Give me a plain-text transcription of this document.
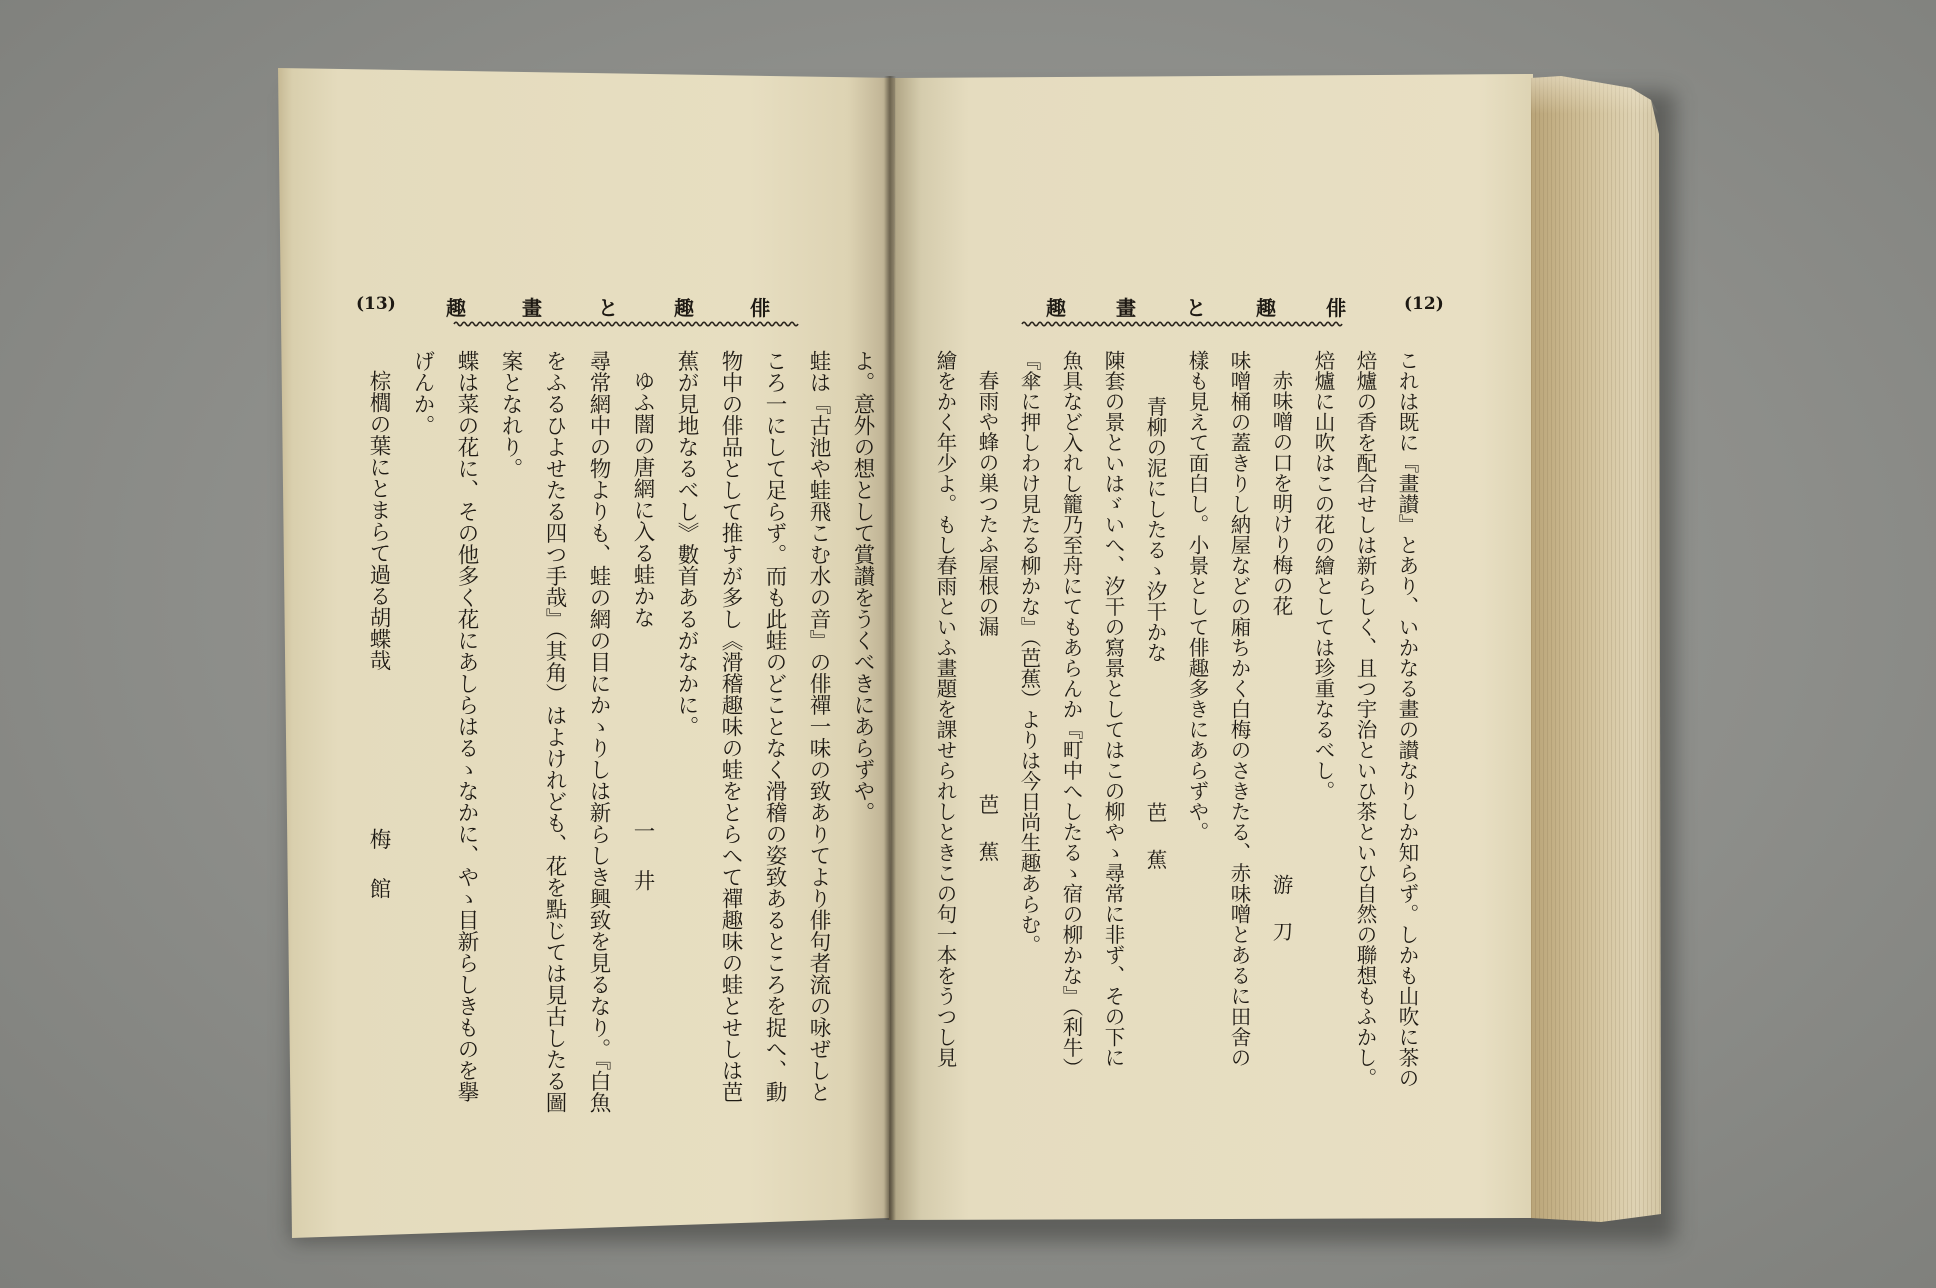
(12)
俳趣と畫趣
これは既に『畫讃』とあり、いかなる畫の讃なりしか知らず。しかも山吹に茶の
焙爐の香を配合せしは新らしく、且つ宇治といひ茶といひ自然の聯想もふかし。
焙爐に山吹はこの花の繪としては珍重なるべし。
赤味噌の口を明けり梅の花
游刀
味噌桶の蓋きりし納屋などの廂ちかく白梅のさきたる、赤味噌とあるに田舍の
樣も見えて面白し。小景として俳趣多きにあらずや。
青柳の泥にしたるゝ汐干かな
芭蕉
陳套の景といはゞいへ、汐干の寫景としてはこの柳やゝ尋常に非ず、その下に
魚具など入れし籠乃至舟にてもあらんか『町中へしたるゝ宿の柳かな』（利牛）
『傘に押しわけ見たる柳かな』（芭蕉）よりは今日尚生趣あらむ。
春雨や蜂の巣つたふ屋根の漏
芭蕉
繪をかく年少よ。もし春雨といふ畫題を課せられしときこの句一本をうつし見
(13)	俳趣と畫趣
よ。意外の想として賞讃をうくべきにあらずや。
蛙は『古池や蛙飛こむ水の音』の俳禪一味の致ありてより俳句者流の咏ぜしと
ころ一にして足らず。而も此蛙のどことなく滑稽の姿致あるところを捉へ、動
物中の俳品として推すが多し《滑稽趣味の蛙をとらへて禪趣味の蛙とせしは芭
蕉が見地なるべし》數首あるがなかに。
ゆふ闇の唐網に入る蛙かな
一井
尋常網中の物よりも、蛙の網の目にかゝりしは新らしき興致を見るなり。『白魚
をふるひよせたる四つ手哉』（其角）はよけれども、花を點じては見古したる圖
案となれり。
蝶は菜の花に、その他多く花にあしらはるゝなかに、やゝ目新らしきものを擧
げんか。
棕櫚の葉にとまらて過る胡蝶哉
梅館
